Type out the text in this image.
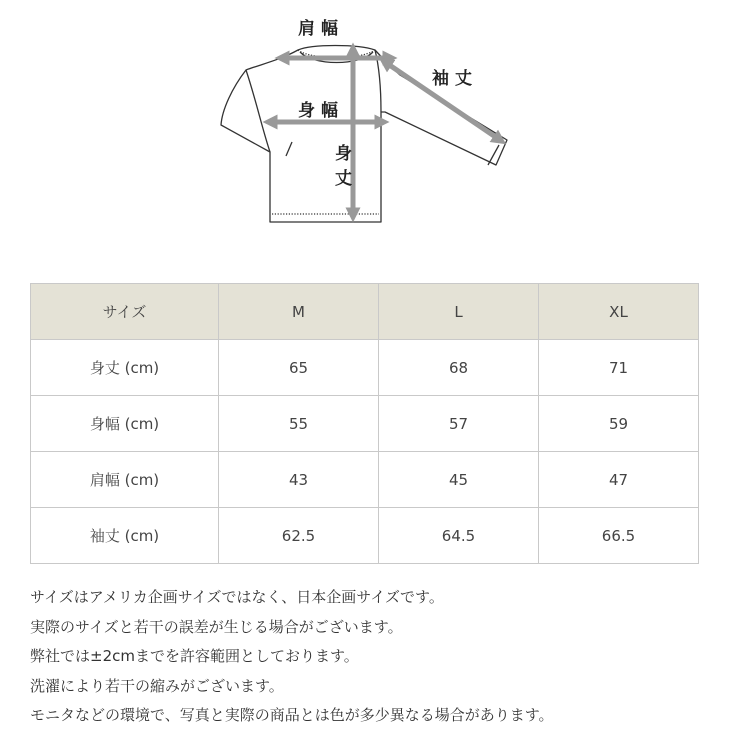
肩幅
袖丈
身幅
身丈
サイズ	M	L	XL
身丈 (cm)	65	68	71
身幅 (cm)	55	57	59
肩幅 (cm)	43	45	47
袖丈 (cm)	62.5	64.5	66.5
サイズはアメリカ企画サイズではなく、日本企画サイズです。
実際のサイズと若干の誤差が生じる場合がございます。
弊社では±2cmまでを許容範囲としております。
洗濯により若干の縮みがございます。
モニタなどの環境で、写真と実際の商品とは色が多少異なる場合があります。
